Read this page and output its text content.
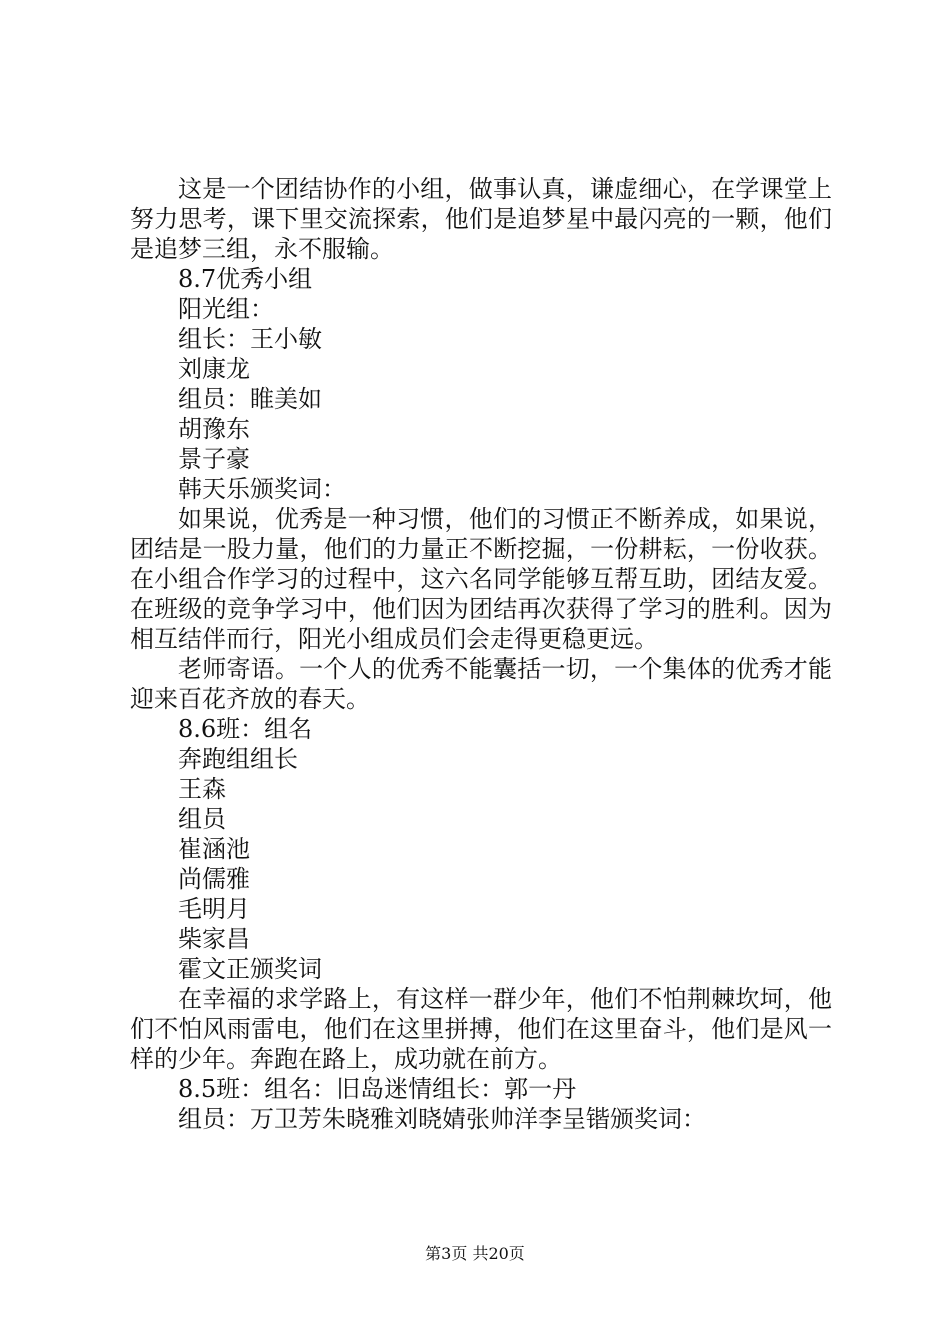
这是一个团结协作的小组，做事认真，谦虚细心，在学课堂上努力思考，课下里交流探索，他们是追梦星中最闪亮的一颗，他们是追梦三组，永不服输。

8.7优秀小组

阳光组：

组长：王小敏

刘康龙

组员：睢美如

胡豫东

景子豪

韩天乐颁奖词：

如果说，优秀是一种习惯，他们的习惯正不断养成，如果说，团结是一股力量，他们的力量正不断挖掘，一份耕耘，一份收获。在小组合作学习的过程中，这六名同学能够互帮互助，团结友爱。在班级的竞争学习中，他们因为团结再次获得了学习的胜利。因为相互结伴而行，阳光小组成员们会走得更稳更远。

老师寄语。一个人的优秀不能囊括一切，一个集体的优秀才能迎来百花齐放的春天。

8.6班：组名

奔跑组组长

王森

组员

崔涵池

尚儒雅

毛明月

柴家昌

霍文正颁奖词

在幸福的求学路上，有这样一群少年，他们不怕荆棘坎坷，他们不怕风雨雷电，他们在这里拼搏，他们在这里奋斗，他们是风一样的少年。奔跑在路上，成功就在前方。

8.5班：组名：旧岛迷情组长：郭一丹

组员：万卫芳朱晓雅刘晓婧张帅洋李呈锴颁奖词：

第3页 共20页
